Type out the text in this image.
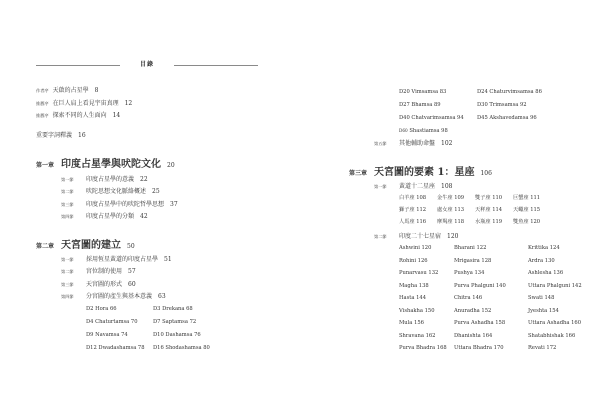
目錄
作者序 天啟的占星學 8
推薦序 在巨人肩上看見宇宙真理 12
推薦序 探索不同的人生面向 14
重要字詞釋義 16
第一章 印度占星學與吠陀文化 20
第一節 印度占星學的意義 22
第二節 吠陀思想文化脈絡概述 25
第三節 印度占星學中的吠陀哲學思想 37
第四節 印度占星學的分類 42
第二章 天宮圖的建立 50
第一節 採用恆星黃道的印度占星學 51
第二節 宮位制的使用 57
第三節 天宮圖的形式 60
第四節 分宮圖的產生與基本意義 63
D2 Hora 66	D3 Drekana 68
D4 Chaturtamsa 70	D7 Saptamsa 72
D9 Navamsa 74	D10 Dashamsa 76
D12 Dwadashamsa 78	D16 Shodashamsa 80
D20 Vimsamsa 83	D24 Chaturvimsamsa 86
D27 Bhamsa 89	D30 Trimsamsa 92
D40 Chatvarimsamsa 94	D45 Akshavedamsa 96
D60 Shastiamsa 98
第五節 其他輔助命盤 102
第三章 天宮圖的要素 1：星座 106
第一節 黃道十二星座 108
白羊座 108	金牛座 109	雙子座 110	巨蟹座 111
獅子座 112	處女座 113	天秤座 114	天蠍座 115
人馬座 116	摩羯座 118	水瓶座 119	雙魚座 120
第二節 印度二十七星宿 120
Ashwini 120	Bharani 122	Krittika 124
Rohini 126	Mrigasira 128	Ardra 130
Punarvasu 132	Pushya 134	Ashlesha 136
Magha 138	Purva Phalguni 140	Uttara Phalguni 142
Hasta 144	Chitra 146	Swati 148
Vishakha 150	Anuradha 152	Jyeshta 154
Mula 156	Purva Ashadha 158	Uttara Ashadha 160
Shravana 162	Dhanishta 164	Shatabhishak 166
Purva Bhadra 168	Uttara Bhadra 170	Revati 172
